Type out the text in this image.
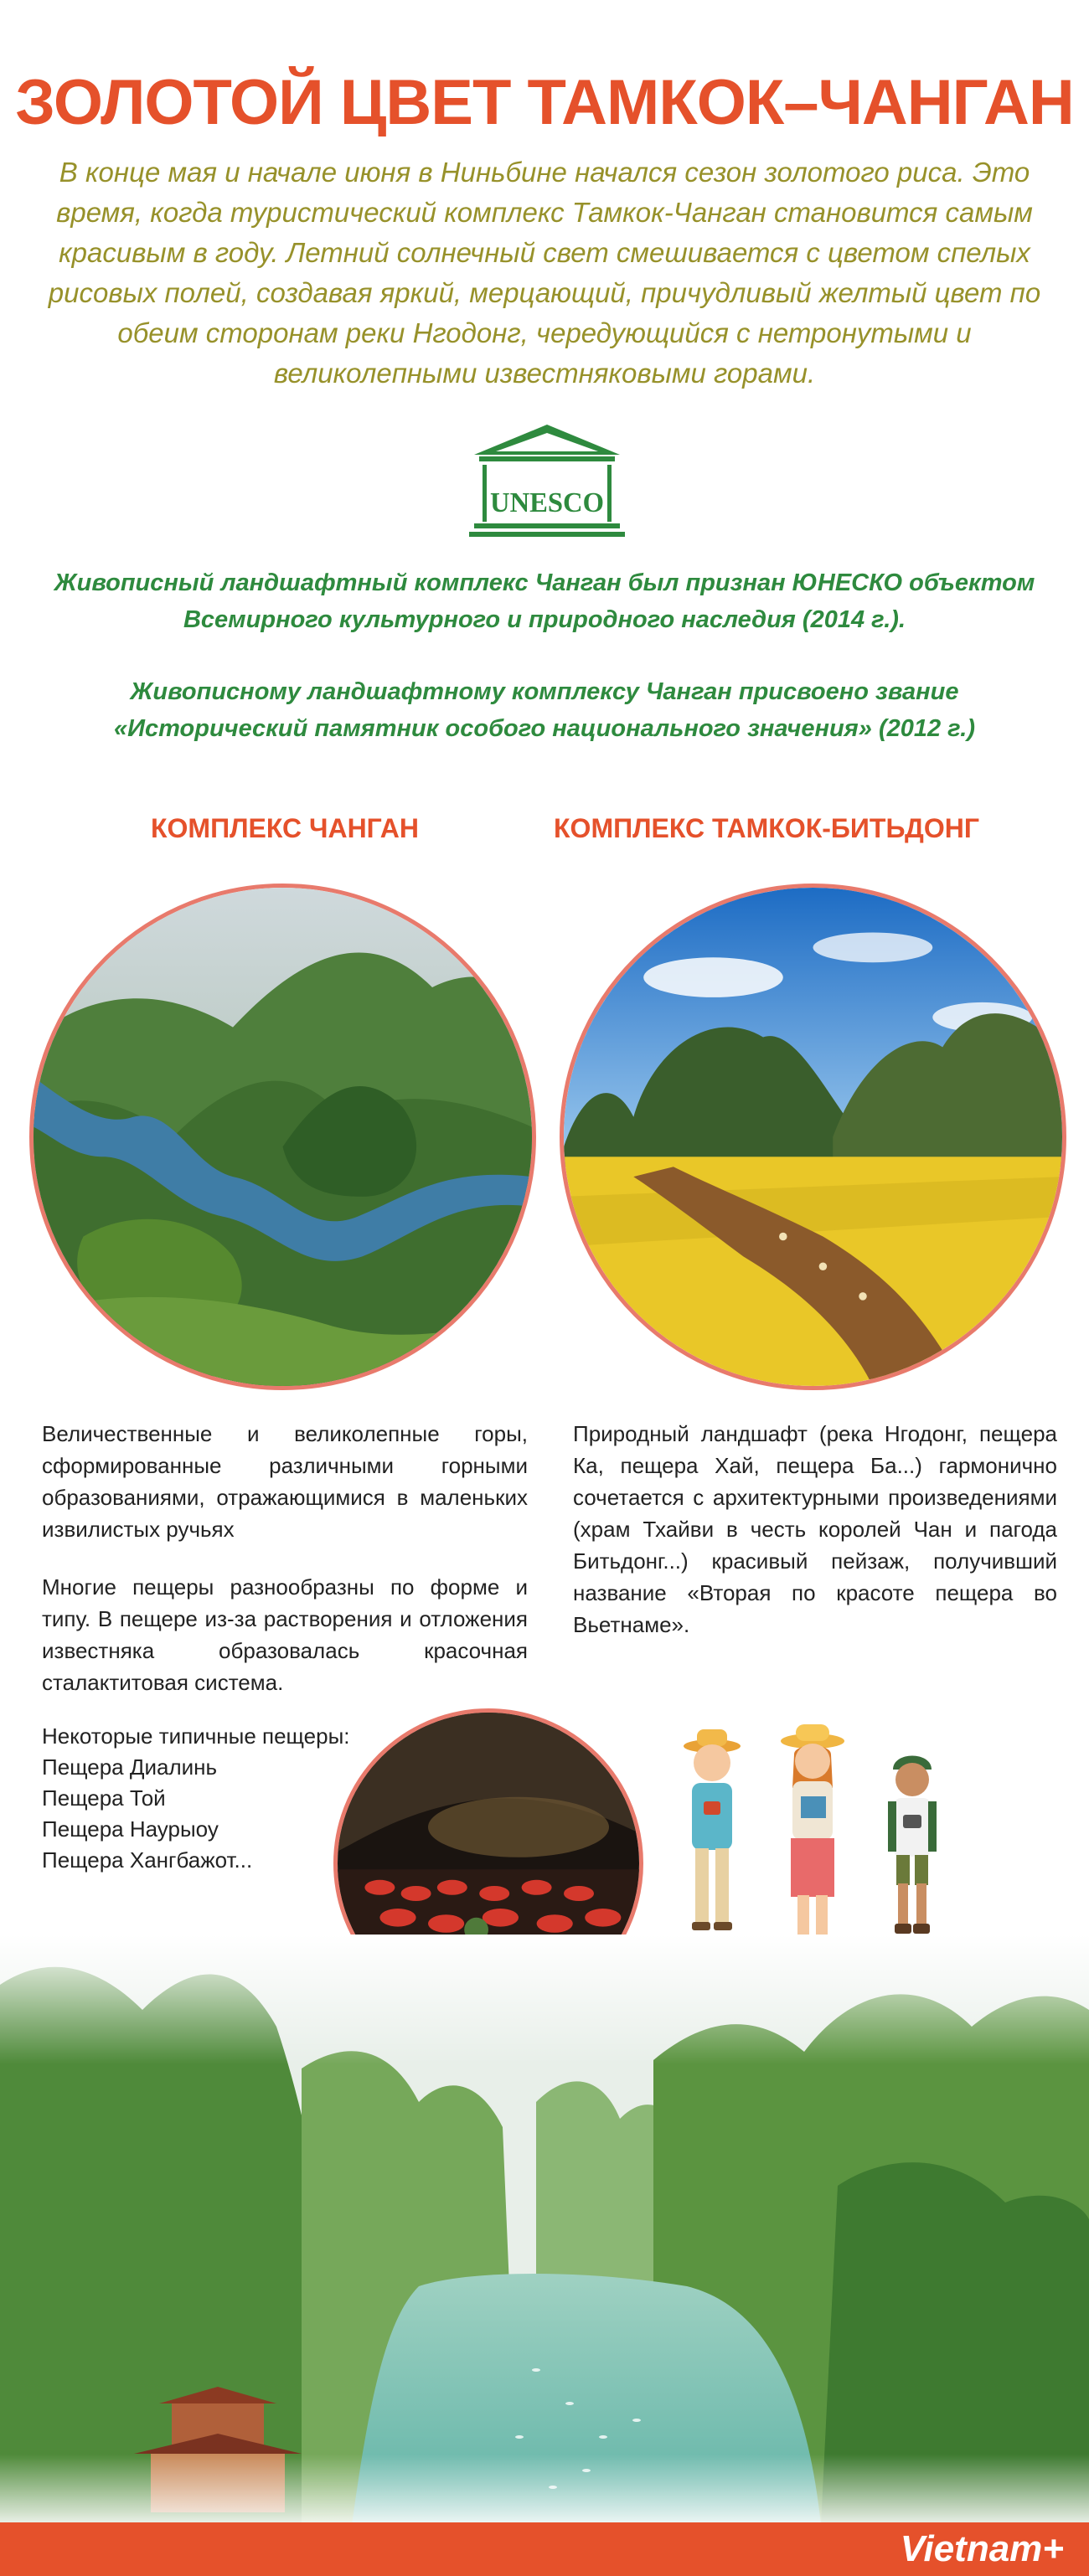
ЗОЛОТОЙ ЦВЕТ ТАМКОК–ЧАНГАН

В конце мая и начале июня в Ниньбине начался сезон золотого риса. Это время, когда туристический комплекс Тамкок-Чанган становится самым красивым в году. Летний солнечный свет смешивается с цветом спелых рисовых полей, создавая яркий, мерцающий, причудливый желтый цвет по обеим сторонам реки Нгодонг, чередующийся с нетронутыми и великолепными известняковыми горами.

UNESCO

Живописный ландшафтный комплекс Чанган был признан ЮНЕСКО объектом Всемирного культурного и природного наследия (2014 г.).

Живописному ландшафтному комплексу Чанган присвоено звание «Исторический памятник особого национального значения» (2012 г.)

КОМПЛЕКС ЧАНГАН	КОМПЛЕКС ТАМКОК-БИТЬДОНГ

Величественные и великолепные горы, сформированные различными горными образованиями, отражающимися в маленьких извилистых ручьях

Многие пещеры разнообразны по форме и типу. В пещере из-за растворения и отложения известняка образовалась красочная сталактитовая система.

Некоторые типичные пещеры:
Пещера Диалинь
Пещера Той
Пещера Наурыоу
Пещера Хангбажот...

Природный ландшафт (река Нгодонг, пещера Ка, пещера Хай, пещера Ба...) гармонично сочетается с архитектурными произведениями (храм Тхайви в честь королей Чан и пагода Битьдонг...) красивый пейзаж, получивший название «Вторая по красоте пещера во Вьетнаме».

Vietnam+
